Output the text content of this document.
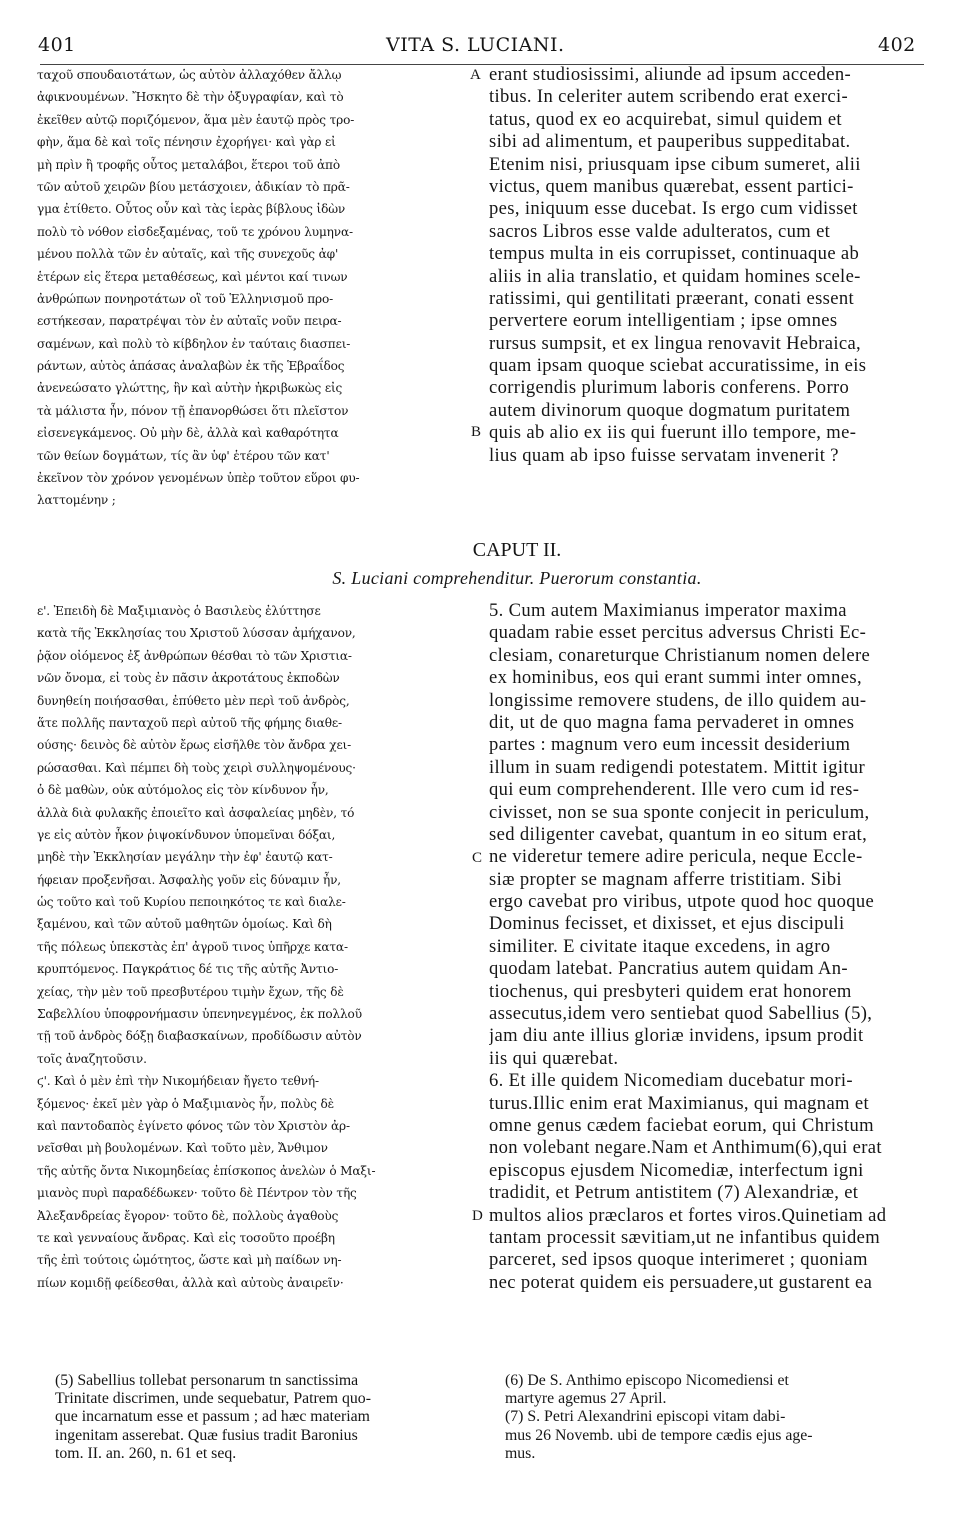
401	VITA S. LUCIANI.	402
ταχοῦ σπουδαιοτάτων, ὡς αὐτὸν ἀλλαχόθεν ἄλλῳ
ἀφικνουμένων. Ἤσκητο δὲ τὴν ὀξυγραφίαν, καὶ τὸ
ἐκεῖθεν αὐτῷ ποριζόμενον, ἅμα μὲν ἑαυτῷ πρὸς τρο-
φὴν, ἅμα δὲ καὶ τοῖς πένησιν ἐχορήγει· καὶ γὰρ εἰ
μὴ πρὶν ἢ τροφῆς οὗτος μεταλάβοι, ἕτεροι τοῦ ἀπὸ
τῶν αὐτοῦ χειρῶν βίου μετάσχοιεν, ἀδικίαν τὸ πρᾶ-
γμα ἐτίθετο. Οὗτος οὖν καὶ τὰς ἱερὰς βίβλους ἰδὼν
πολὺ τὸ νόθον εἰσδεξαμένας, τοῦ τε χρόνου λυμηνα-
μένου πολλὰ τῶν ἐν αὐταῖς, καὶ τῆς συνεχοῦς ἀφ'
ἑτέρων εἰς ἕτερα μεταθέσεως, καὶ μέντοι καί τινων
ἀνθρώπων πονηροτάτων οἳ τοῦ Ἑλληνισμοῦ προ-
εστήκεσαν, παρατρέψαι τὸν ἐν αὐταῖς νοῦν πειρα-
σαμένων, καὶ πολὺ τὸ κίβδηλον ἐν ταύταις διασπει-
ράντων, αὐτὸς ἁπάσας ἀναλαβὼν ἐκ τῆς Ἑβραΐδος
ἀνενεώσατο γλώττης, ἣν καὶ αὐτὴν ἠκριβωκὼς εἰς
τὰ μάλιστα ἦν, πόνον τῇ ἐπανορθώσει ὅτι πλεῖστον
εἰσενεγκάμενος. Οὐ μὴν δὲ, ἀλλὰ καὶ καθαρότητα
τῶν θείων δογμάτων, τίς ἂν ὑφ' ἑτέρου τῶν κατ'
ἐκεῖνον τὸν χρόνον γενομένων ὑπὲρ τοῦτον εὕροι φυ-
λαττομένην ;
erant studiosissimi, aliunde ad ipsum acceden-
tibus. In celeriter autem scribendo erat exerci-
tatus, quod ex eo acquirebat, simul quidem et
sibi ad alimentum, et pauperibus suppeditabat.
Etenim nisi, priusquam ipse cibum sumeret, alii
victus, quem manibus quærebat, essent partici-
pes, iniquum esse ducebat. Is ergo cum vidisset
sacros Libros esse valde adulteratos, cum et
tempus multa in eis corrupisset, continuaque ab
aliis in alia translatio, et quidam homines scele-
ratissimi, qui gentilitati præerant, conati essent
pervertere eorum intelligentiam ; ipse omnes
rursus sumpsit, et ex lingua renovavit Hebraica,
quam ipsam quoque sciebat accuratissime, in eis
corrigendis plurimum laboris conferens. Porro
autem divinorum quoque dogmatum puritatem
quis ab alio ex iis qui fuerunt illo tempore, me-
lius quam ab ipso fuisse servatam invenerit ?
A
B
C
D
CAPUT II.
S. Luciani comprehenditur. Puerorum constantia.
ε'. Ἐπειδὴ δὲ Μαξιμιανὸς ὁ Βασιλεὺς ἐλύττησε
κατὰ τῆς Ἐκκλησίας του Χριστοῦ λύσσαν ἀμήχανον,
ῥᾷον οἰόμενος ἐξ ἀνθρώπων θέσθαι τὸ τῶν Χριστια-
νῶν ὄνομα, εἰ τοὺς ἐν πᾶσιν ἀκροτάτους ἐκποδὼν
δυνηθείη ποιήσασθαι, ἐπύθετο μὲν περὶ τοῦ ἀνδρὸς,
ἅτε πολλῆς πανταχοῦ περὶ αὐτοῦ τῆς φήμης διαθε-
ούσης· δεινὸς δὲ αὐτὸν ἔρως εἰσῆλθε τὸν ἄνδρα χει-
ρώσασθαι. Καὶ πέμπει δὴ τοὺς χειρὶ συλληψομένους·
ὁ δὲ μαθὼν, οὐκ αὐτόμολος εἰς τὸν κίνδυνον ἦν,
ἀλλὰ διὰ φυλακῆς ἐποιεῖτο καὶ ἀσφαλείας μηδὲν, τό
γε εἰς αὐτὸν ἧκον ῥιψοκίνδυνον ὑπομεῖναι δόξαι,
μηδὲ τὴν Ἐκκλησίαν μεγάλην τὴν ἐφ' ἑαυτῷ κατ-
ήφειαν προξενῆσαι. Ἀσφαλὴς γοῦν εἰς δύναμιν ἦν,
ὡς τοῦτο καὶ τοῦ Κυρίου πεποιηκότος τε καὶ διαλε-
ξαμένου, καὶ τῶν αὐτοῦ μαθητῶν ὁμοίως. Καὶ δὴ
τῆς πόλεως ὑπεκστὰς ἐπ' ἀγροῦ τινος ὑπῆρχε κατα-
κρυπτόμενος. Παγκράτιος δέ τις τῆς αὐτῆς Ἀντιο-
χείας, τὴν μὲν τοῦ πρεσβυτέρου τιμὴν ἔχων, τῆς δὲ
Σαβελλίου ὑποφρονήμασιν ὑπενηνεγμένος, ἐκ πολλοῦ
τῇ τοῦ ἀνδρὸς δόξῃ διαβασκαίνων, προδίδωσιν αὐτὸν
τοῖς ἀναζητοῦσιν.
ϛ'. Καὶ ὁ μὲν ἐπὶ τὴν Νικομήδειαν ἤγετο τεθνή-
ξόμενος· ἐκεῖ μὲν γὰρ ὁ Μαξιμιανὸς ἦν, πολὺς δὲ
καὶ παντοδαπὸς ἐγίνετο φόνος τῶν τὸν Χριστὸν ἀρ-
νεῖσθαι μὴ βουλομένων. Καὶ τοῦτο μὲν, Ἄνθιμον
τῆς αὐτῆς ὄντα Νικομηδείας ἐπίσκοπος ἀνελὼν ὁ Μαξι-
μιανὸς πυρὶ παραδέδωκεν· τοῦτο δὲ Πέντρον τὸν τῆς
Ἀλεξανδρείας ἔγορον· τοῦτο δὲ, πολλοὺς ἀγαθοὺς
τε καὶ γενναίους ἄνδρας. Καὶ εἰς τοσοῦτο προέβη
τῆς ἐπὶ τούτοις ὠμότητος, ὥστε καὶ μὴ παίδων νη-
πίων κομιδῇ φείδεσθαι, ἀλλὰ καὶ αὐτοὺς ἀναιρεῖν·
5. Cum autem Maximianus imperator maxima
quadam rabie esset percitus adversus Christi Ec-
clesiam, conareturque Christianum nomen delere
ex hominibus, eos qui erant summi inter omnes,
longissime removere studens, de illo quidem au-
dit, ut de quo magna fama pervaderet in omnes
partes : magnum vero eum incessit desiderium
illum in suam redigendi potestatem. Mittit igitur
qui eum comprehenderent. Ille vero cum id res-
civisset, non se sua sponte conjecit in periculum,
sed diligenter cavebat, quantum in eo situm erat,
ne videretur temere adire pericula, neque Eccle-
siæ propter se magnam afferre tristitiam. Sibi
ergo cavebat pro viribus, utpote quod hoc quoque
Dominus fecisset, et dixisset, et ejus discipuli
similiter. E civitate itaque excedens, in agro
quodam latebat. Pancratius autem quidam An-
tiochenus, qui presbyteri quidem erat honorem
assecutus,idem vero sentiebat quod Sabellius (5),
jam diu ante illius gloriæ invidens, ipsum prodit
iis qui quærebat.
6. Et ille quidem Nicomediam ducebatur mori-
turus.Illic enim erat Maximianus, qui magnam et
omne genus cædem faciebat eorum, qui Christum
non volebant negare.Nam et Anthimum(6),qui erat
episcopus ejusdem Nicomediæ, interfectum igni
tradidit, et Petrum antistitem (7) Alexandriæ, et
multos alios præclaros et fortes viros.Quinetiam ad
tantam processit sævitiam,ut ne infantibus quidem
parceret, sed ipsos quoque interimeret ; quoniam
nec poterat quidem eis persuadere,ut gustarent ea
(5) Sabellius tollebat personarum tn sanctissima
Trinitate discrimen, unde sequebatur, Patrem quo-
que incarnatum esse et passum ; ad hæc materiam
ingenitam asserebat. Quæ fusius tradit Baronius
tom. II. an. 260, n. 61 et seq.
(6) De S. Anthimo episcopo Nicomediensi et
martyre agemus 27 April.
(7) S. Petri Alexandrini episcopi vitam dabi-
mus 26 Novemb. ubi de tempore cædis ejus age-
mus.
